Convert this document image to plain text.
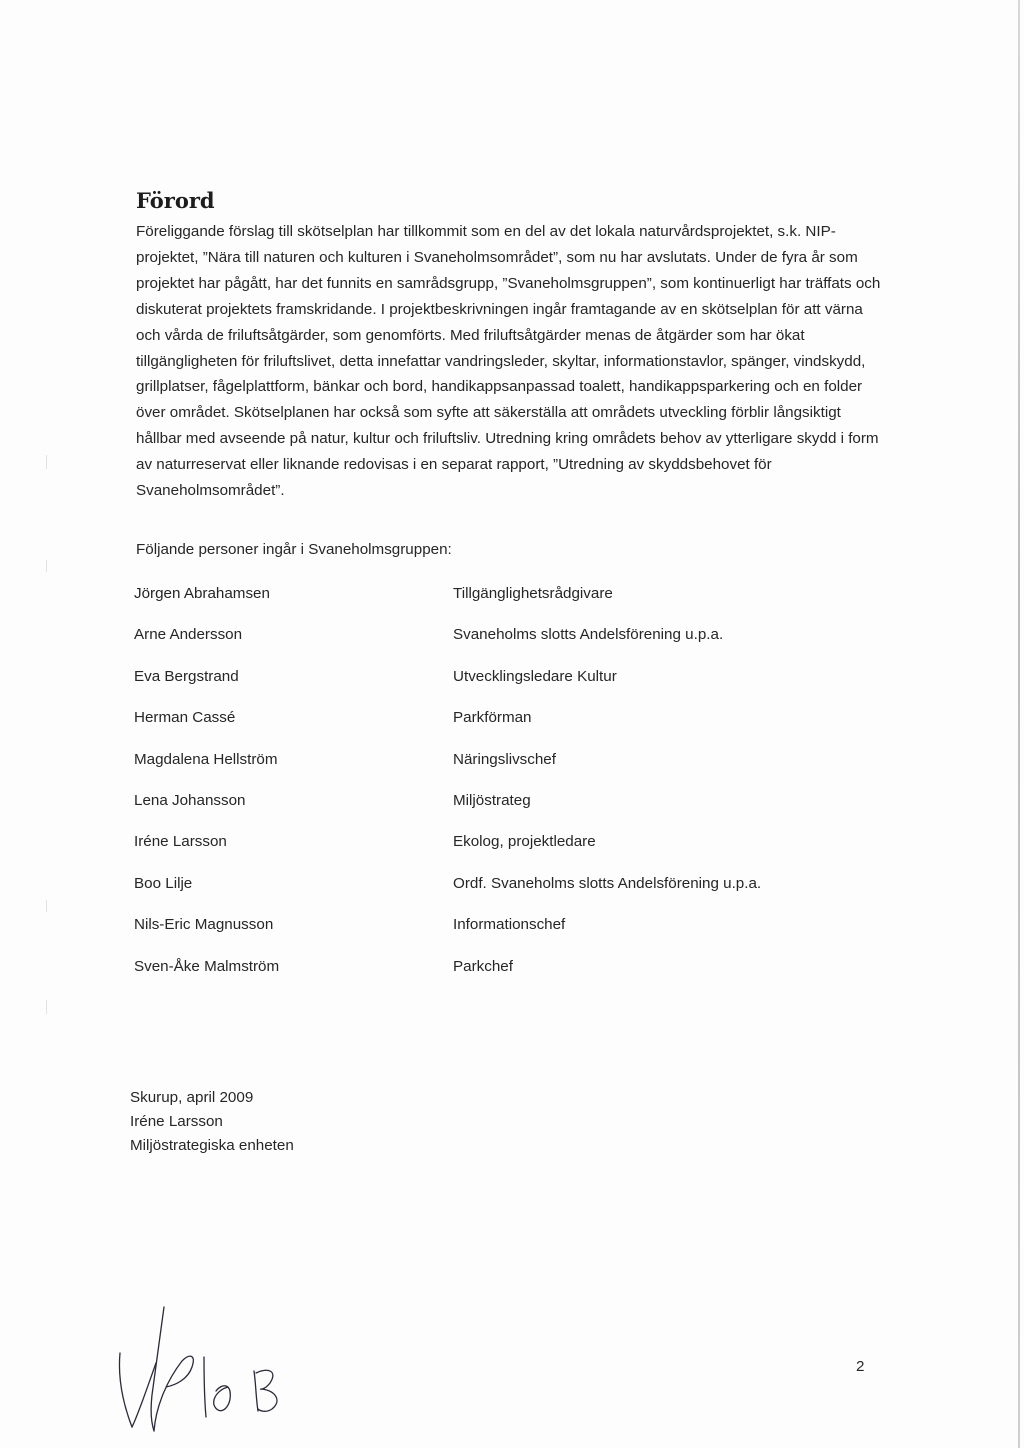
Förord

Föreliggande förslag till skötselplan har tillkommit som en del av det lokala naturvårdsprojektet, s.k. NIP-projektet, ”Nära till naturen och kulturen i Svaneholmsområdet”, som nu har avslutats. Under de fyra år som projektet har pågått, har det funnits en samrådsgrupp, ”Svaneholmsgruppen”, som kontinuerligt har träffats och diskuterat projektets framskridande. I projektbeskrivningen ingår framtagande av en skötselplan för att värna och vårda de friluftsåtgärder, som genomförts. Med friluftsåtgärder menas de åtgärder som har ökat tillgängligheten för friluftslivet, detta innefattar vandringsleder, skyltar, informationstavlor, spänger, vindskydd, grillplatser, fågelplattform, bänkar och bord, handikappsanpassad toalett, handikappsparkering och en folder över området. Skötselplanen har också som syfte att säkerställa att områdets utveckling förblir långsiktigt hållbar med avseende på natur, kultur och friluftsliv. Utredning kring områdets behov av ytterligare skydd i form av naturreservat eller liknande redovisas i en separat rapport, ”Utredning av skyddsbehovet för Svaneholmsområdet”.

Följande personer ingår i Svaneholmsgruppen:

Jörgen Abrahamsen	Tillgänglighetsrådgivare
Arne Andersson	Svaneholms slotts Andelsförening u.p.a.
Eva Bergstrand	Utvecklingsledare Kultur
Herman Cassé	Parkförman
Magdalena Hellström	Näringslivschef
Lena Johansson	Miljöstrateg
Iréne Larsson	Ekolog, projektledare
Boo Lilje	Ordf. Svaneholms slotts Andelsförening u.p.a.
Nils-Eric Magnusson	Informationschef
Sven-Åke Malmström	Parkchef
Skurup, april 2009
Iréne Larsson
Miljöstrategiska enheten
2
